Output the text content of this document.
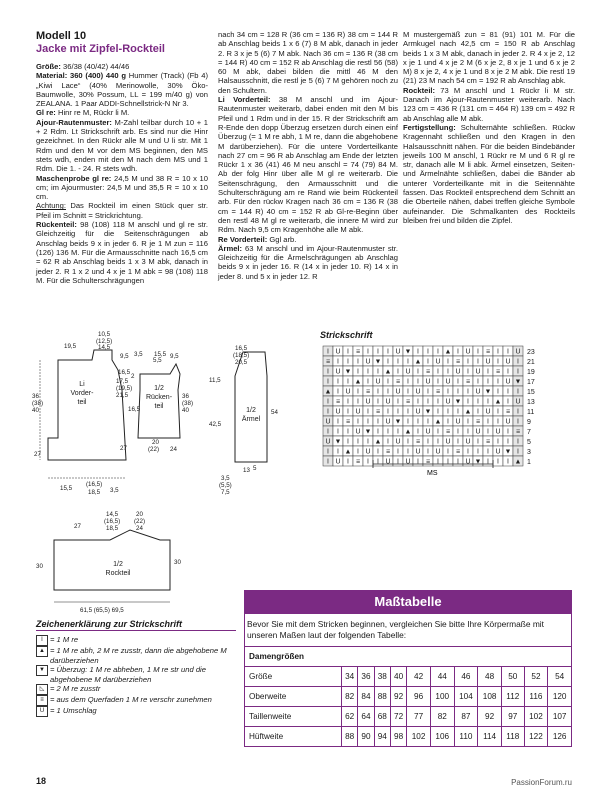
Modell 10
Jacke mit Zipfel-Rockteil

Größe: 36/38 (40/42) 44/46

Material: 360 (400) 440 g Hummer (Track) (Fb 4) „Kiwi Lace“ (40% Merinowolle, 30% Öko-Baumwolle, 30% Possum, LL = 199 m/40 g) von ZEALANA. 1 Paar ADDI-Schnellstrick-N Nr 3.

Gl re: Hinr re M, Rückr li M.

Ajour-Rautenmuster: M-Zahl teilbar durch 10 + 1 + 2 Rdm. Lt Strickschrift arb. Es sind nur die Hinr gezeichnet. In den Rückr alle M und U li str. Mit 1 Rdm und den M vor dem MS beginnen, den MS stets wdh, enden mit den M nach dem MS und 1 Rdm. Die 1. - 24. R stets wdh.

Maschenprobe gl re: 24,5 M und 38 R = 10 x 10 cm; im Ajourmuster: 24,5 M und 35,5 R = 10 x 10 cm.

Achtung: Das Rockteil im einen Stück quer str. Pfeil im Schnitt = Strickrichtung.

Rückenteil: 98 (108) 118 M anschl und gl re str. Gleichzeitig für die Seitenschrägungen ab Anschlag beids 9 x in jeder 6. R je 1 M zun = 116 (126) 136 M. Für die Armausschnitte nach 16,5 cm = 62 R ab Anschlag beids 1 x 3 M abk, danach in jeder 2. R 1 x 2 und 4 x je 1 M abk = 98 (108) 118 M. Für die Schulterschrägungen

nach 34 cm = 128 R (36 cm = 136 R) 38 cm = 144 R ab Anschlag beids 1 x 6 (7) 8 M abk, danach in jeder 2. R 3 x je 5 (6) 7 M abk. Nach 36 cm = 136 R (38 cm = 144 R) 40 cm = 152 R ab Anschlag die restl 56 (58) 60 M abk, dabei bilden die mittl 46 M den Halsausschnitt, die restl je 5 (6) 7 M gehören noch zu den Schultern.

Li Vorderteil: 38 M anschl und im Ajour-Rautenmuster weiterarb, dabei enden mit den M bis Pfeil und 1 Rdm und in der 15. R der Strickschrift am R-Ende den dopp Überzug ersetzen durch einen einf Überzug (= 1 M re abh, 1 M re, dann die abgehobene M darüberziehen). Für die untere Vorderteilkante nach 27 cm = 96 R ab Anschlag am Ende der letzten Rückr 1 x 36 (41) 46 M neu anschl = 74 (79) 84 M. Ab der folg Hinr über alle M gl re weiterarb. Die Seitenschrägung, den Armausschnitt und die Schulterschrägung am re Rand wie beim Rückenteil arb. Für den rückw Kragen nach 36 cm = 136 R (38 cm = 144 R) 40 cm = 152 R ab Gl-re-Beginn über den restl 48 M gl re weiterarb, die innere M wird zur Rdm. Nach 9,5 cm Kragenhöhe alle M abk.

Re Vorderteil: Ggl arb.

Ärmel: 63 M anschl und im Ajour-Rautenmuster str. Gleichzeitig für die Ärmelschrägungen ab Anschlag beids 9 x in jeder 16. R (14 x in jeder 10. R) 14 x in jeder 8. und 5 x in jeder 12. R

M mustergemäß zun = 81 (91) 101 M. Für die Armkugel nach 42,5 cm = 150 R ab Anschlag beids 1 x 3 M abk, danach in jeder 2. R 4 x je 2, 12 x je 1 und 4 x je 2 M (6 x je 2, 8 x je 1 und 6 x je 2 M) 8 x je 2, 4 x je 1 und 8 x je 2 M abk. Die restl 19 (21) 23 M nach 54 cm = 192 R ab Anschlag abk.

Rockteil: 73 M anschl und 1 Rückr li M str. Danach im Ajour-Rautenmuster weiterarb. Nach 123 cm = 436 R (131 cm = 464 R) 139 cm = 492 R ab Anschlag alle M abk.

Fertigstellung: Schulternähte schließen. Rückw Kragennaht schließen und den Kragen in den Halsausschnitt nähen. Für die beiden Bindebänder jeweils 100 M anschl, 1 Rückr re M und 6 R gl re str, danach alle M li abk. Ärmel einsetzen, Seiten- und Ärmelnähte schließen, dabei die Bänder ab unterer Vorderteilkante mit in die Seitennähte fassen. Das Rockteil entsprechend dem Schnitt an die Oberteile nähen, dabei treffen gleiche Symbole aufeinander. Die Schmalkanten des Rockteils bleiben frei und bilden die Zipfel.

10,5
(12,5)
14,5
19,5
9,5	9,5
3,5
5,5
15,5
16,5
17,5
(19,5)
21,5
2
16,5
36
(38)
40
36
(38)
40
27
27
20
(22) 24
15,5
(16,5)
18,5 3,5
Li
Vorder-
teil
1/2
Rücken-
teil
16,5
(18,5)
20,5
11,5
42,5
54
13
3,5
(5,5)
7,5
5
1/2
Ärmel
27
14,5
(16,5)
18,5
20
(22)
24
30
30
61,5 (65,5) 69,5
1/2
Rockteil
Strickschrift
I U I ≡ I I I U ▼ I I I ▲ I U I ≡ I I U
≡ I I I U ▼ I I I ▲ I U I ≡ I I U I U I
I U ▼ I I I ▲ I U I ≡ I I U I U I ≡ I I
I I I ▲ I U I ≡ I I U I U I ≡ I I I U ▼
▲ I U I ≡ I I U I U I ≡ I I I U ▼ I I I
I ≡ I I U I U I ≡ I I I U ▼ I I I ▲ I U
I U I U I ≡ I I I U ▼ I I I ▲ I U I ≡ I
U I ≡ I I I U ▼ I I I ▲ I U I ≡ I I U I
I I I U ▼ I I I ▲ I U I ≡ I I U I U I ≡
U ▼ I I I ▲ I U I ≡ I I U I U I ≡ I I I
I I ▲ I U I ≡ I I U I U I ≡ I I I U ▼ I
I U I ≡ I I U I U I ≡ I I I U ▼ I I I ▲
23
21
19
17
15
13
11
9
7
5
3
1
MS
Zeichenerklärung zur Strickschrift
I = 1 M re
▲ = 1 M re abh, 2 M re zusstr, dann die abgehobene M darüberziehen
▼ = Überzug: 1 M re abheben, 1 M re str und die abgehobene M darüberziehen
◺ = 2 M re zusstr
≡ = aus dem Querfaden 1 M re verschr zunehmen
U = 1 Umschlag
Maßtabelle
Bevor Sie mit dem Stricken beginnen, vergleichen Sie bitte Ihre Körpermaße mit unseren Maßen laut der folgenden Tabelle:
Damengrößen											
Größe	34	36	38	40	42	44	46	48	50	52	54
Oberweite	82	84	88	92	96	100	104	108	112	116	120
Taillenweite	62	64	68	72	77	82	87	92	97	102	107
Hüftweite	88	90	94	98	102	106	110	114	118	122	126
18	PassionForum.ru
